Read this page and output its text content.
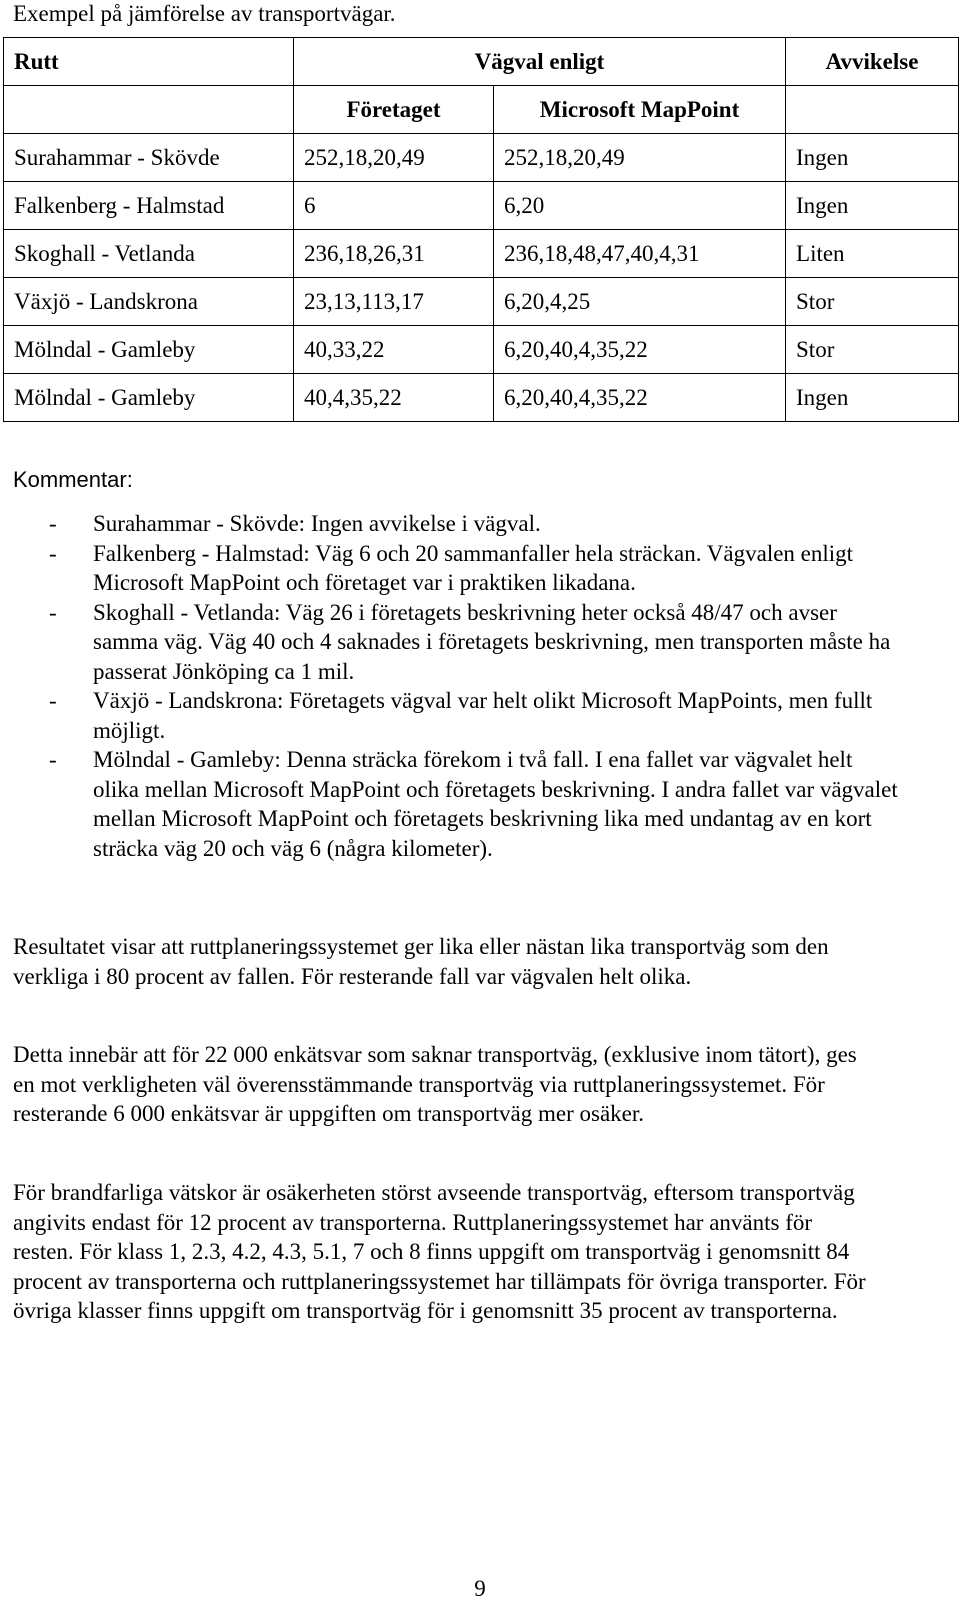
Exempel på jämförelse av transportvägar.
Rutt	Vägval enligt		Avvikelse
	Företaget	Microsoft MapPoint	
Surahammar - Skövde	252,18,20,49	252,18,20,49	Ingen
Falkenberg - Halmstad	6	6,20	Ingen
Skoghall - Vetlanda	236,18,26,31	236,18,48,47,40,4,31	Liten
Växjö - Landskrona	23,13,113,17	6,20,4,25	Stor
Mölndal - Gamleby	40,33,22	6,20,40,4,35,22	Stor
Mölndal - Gamleby	40,4,35,22	6,20,40,4,35,22	Ingen
Kommentar:
- Surahammar - Skövde: Ingen avvikelse i vägval.
- Falkenberg - Halmstad: Väg 6 och 20 sammanfaller hela sträckan. Vägvalen enligt Microsoft MapPoint och företaget var i praktiken likadana.
- Skoghall - Vetlanda: Väg 26 i företagets beskrivning heter också 48/47 och avser samma väg. Väg 40 och 4 saknades i företagets beskrivning, men transporten måste ha passerat Jönköping ca 1 mil.
- Växjö - Landskrona: Företagets vägval var helt olikt Microsoft MapPoints, men fullt möjligt.
- Mölndal - Gamleby: Denna sträcka förekom i två fall. I ena fallet var vägvalet helt olika mellan Microsoft MapPoint och företagets beskrivning. I andra fallet var vägvalet mellan Microsoft MapPoint och företagets beskrivning lika med undantag av en kort sträcka väg 20 och väg 6 (några kilometer).

Resultatet visar att ruttplaneringssystemet ger lika eller nästan lika transportväg som den verkliga i 80 procent av fallen. För resterande fall var vägvalen helt olika.

Detta innebär att för 22 000 enkätsvar som saknar transportväg, (exklusive inom tätort), ges en mot verkligheten väl överensstämmande transportväg via ruttplaneringssystemet. För resterande 6 000 enkätsvar är uppgiften om transportväg mer osäker.

För brandfarliga vätskor är osäkerheten störst avseende transportväg, eftersom transportväg angivits endast för 12 procent av transporterna. Ruttplaneringssystemet har använts för resten. För klass 1, 2.3, 4.2, 4.3, 5.1, 7 och 8 finns uppgift om transportväg i genomsnitt 84 procent av transporterna och ruttplaneringssystemet har tillämpats för övriga transporter. För övriga klasser finns uppgift om transportväg för i genomsnitt 35 procent av transporterna.

9
